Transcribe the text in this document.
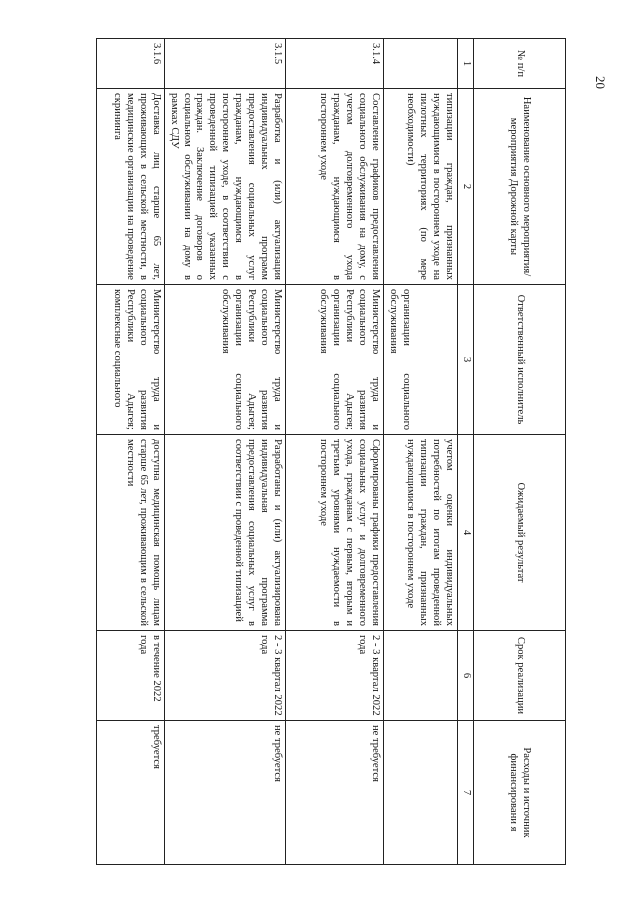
20
№ п/п	Наименование основного мероприятия/мероприятия Дорожной карты	Ответственный исполнитель	Ожидаемый результат	Срок реализации	Расходы и источник финансировани я
1	2	3	4	6	7
	типизации граждан, признанных нуждающимися в постороннем уходе на пилотных территориях (по мере необходимости)	организации социального обслуживания	учетом оценки индивидуальных потребностей по итогам проведенной типизации граждан, признанных нуждающимися в постороннем уходе		
3.1.4	Составление графиков предоставления социального обслуживания на дому, с учетом долговременного ухода гражданам, нуждающимся в постороннем уходе	Министерство труда и социального развития Республики Адыгея; организации социального обслуживания	Сформированы графики предоставления социальных услуг и долговременного ухода, гражданам с первым, вторым и третьим уровнями нуждаемости в постороннем уходе	2 - 3 квартал 2022 года	не требуется
3.1.5	Разработка и (или) актуализация индивидуальных программ предоставления социальных услуг гражданам, нуждающимся в постороннем уходе, в соответствии с проведенной типизацией указанных граждан. Заключение договоров о социальном обслуживании на дому в рамках СДУ	Министерство труда и социального развития Республики Адыгея; организации социального обслуживания	Разработаны и (или) актуализирована индивидуальная программа предоставления социальных услуг в соответствии с проведенной типизацией	2 - 3 квартал 2022 года	не требуется
3.1.6	Доставка лиц старше 65 лет, проживающих в сельской местности, в медицинские организации на проведение скрининга	Министерство труда и социального развития Республики Адыгея; комплексные социального	доступна медицинская помощь лицам старше 65 лет, проживающим в сельской местности	в течение 2022 года	требуется
